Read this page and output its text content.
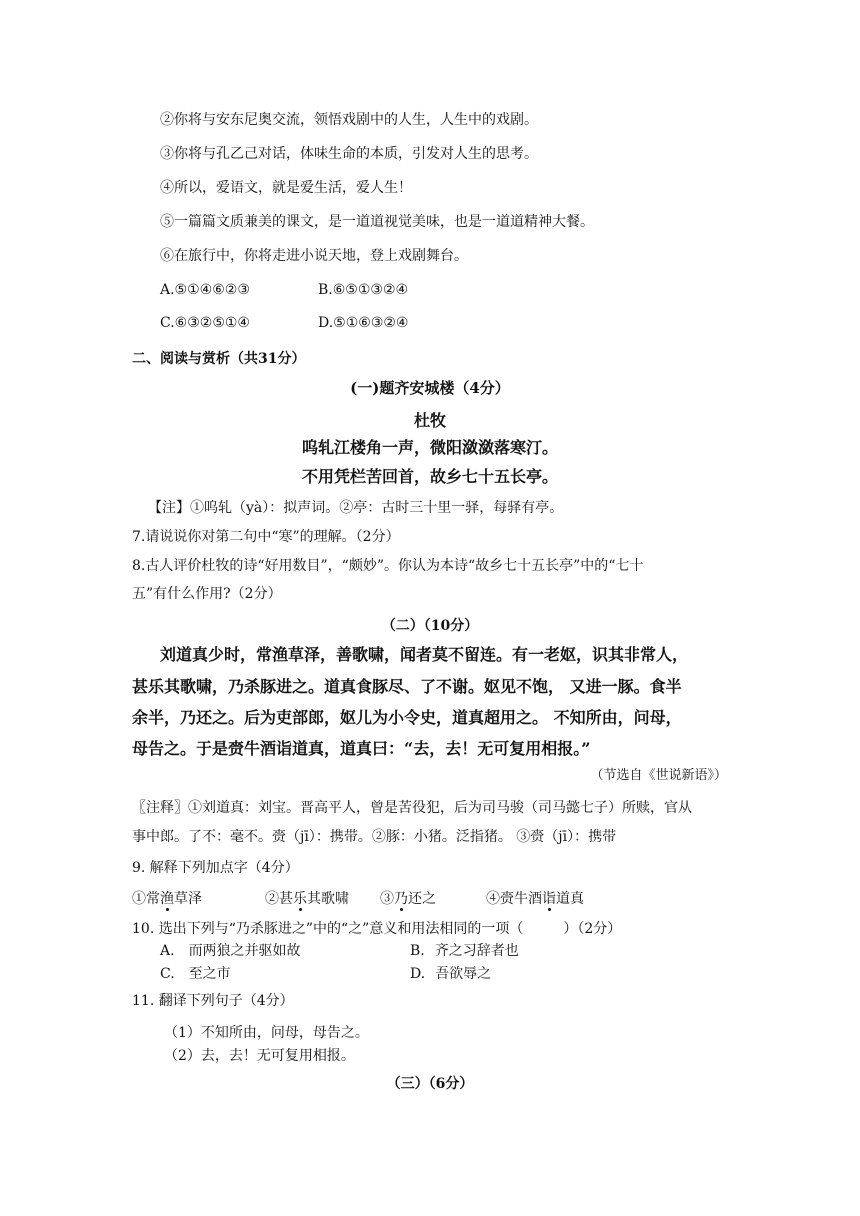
②你将与安东尼奥交流，领悟戏剧中的人生，人生中的戏剧。
③你将与孔乙己对话，体味生命的本质，引发对人生的思考。
④所以，爱语文，就是爱生活，爱人生！
⑤一篇篇文质兼美的课文，是一道道视觉美味，也是一道道精神大餐。
⑥在旅行中，你将走进小说天地，登上戏剧舞台。
A.⑤①④⑥②③	B.⑥⑤①③②④
C.⑥③②⑤①④	D.⑤①⑥③②④
二、阅读与赏析（共31分）
(一)题齐安城楼（4分）
杜牧
呜轧江楼角一声，微阳潋潋落寒汀。
不用凭栏苦回首，故乡七十五长亭。
【注】①呜轧（yà）：拟声词。②亭：古时三十里一驿，每驿有亭。
7.请说说你对第二句中“寒”的理解。（2分）
8.古人评价杜牧的诗“好用数目”，“颇妙”。你认为本诗“故乡七十五长亭”中的“七十
五”有什么作用?（2分）
（二）（10分）
刘道真少时，常渔草泽，善歌啸，闻者莫不留连。有一老妪，识其非常人，
甚乐其歌啸，乃杀豚进之。道真食豚尽、了不谢。妪见不饱， 又进一豚。食半
余半，乃还之。后为吏部郎，妪儿为小令史，道真超用之。 不知所由，问母，
母告之。于是赍牛酒诣道真，道真曰：“去，去！无可复用相报。”
（节选自《世说新语》）
〖注释〗①刘道真：刘宝。晋高平人，曾是苦役犯，后为司马骏（司马懿七子）所赎，官从
事中郎。了不：毫不。赍（jī）：携带。②豚：小猪。泛指猪。 ③赍（jī）：携带
9. 解释下列加点字（4分）
①常渔草泽	②甚乐其歌啸 ③乃还之	④赍牛酒诣道真
10. 选出下列与“乃杀豚进之”中的“之”意义和用法相同的一项（	）（2分）
A. 而两狼之并驱如故	B. 齐之习辞者也
C. 至之市	D. 吾欲辱之
11. 翻译下列句子（4分）
（1）不知所由，问母，母告之。
（2）去，去！无可复用相报。
（三）（6分）
